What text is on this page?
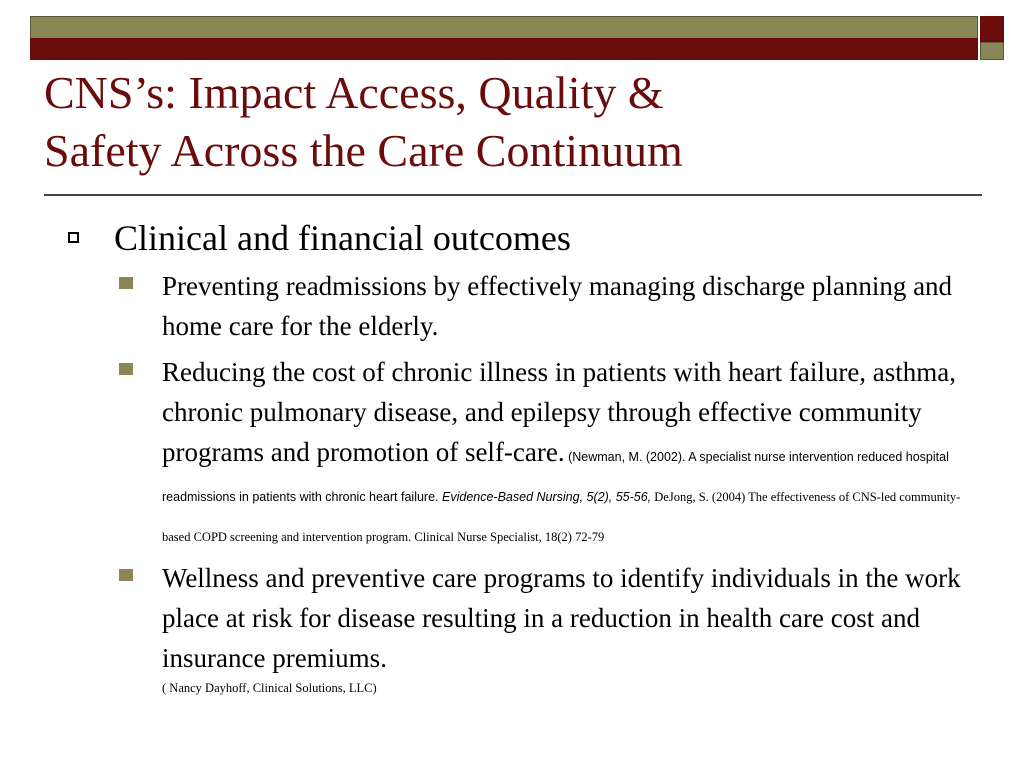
CNS’s: Impact Access, Quality &
Safety Across the Care Continuum
Clinical and financial outcomes
Preventing readmissions by effectively managing discharge planning and home care for the elderly.
Reducing the cost of chronic illness in patients with heart failure, asthma, chronic pulmonary disease, and epilepsy through effective community programs and promotion of self-care. (Newman, M. (2002). A specialist nurse intervention reduced hospital readmissions in patients with chronic heart failure. Evidence-Based Nursing, 5(2), 55-56, DeJong, S. (2004) The effectiveness of CNS-led community-based COPD screening and intervention program. Clinical Nurse Specialist, 18(2) 72-79
Wellness and preventive care programs to identify individuals in the work place at risk for disease resulting in a reduction in health care cost and insurance premiums.
( Nancy Dayhoff, Clinical Solutions, LLC)
